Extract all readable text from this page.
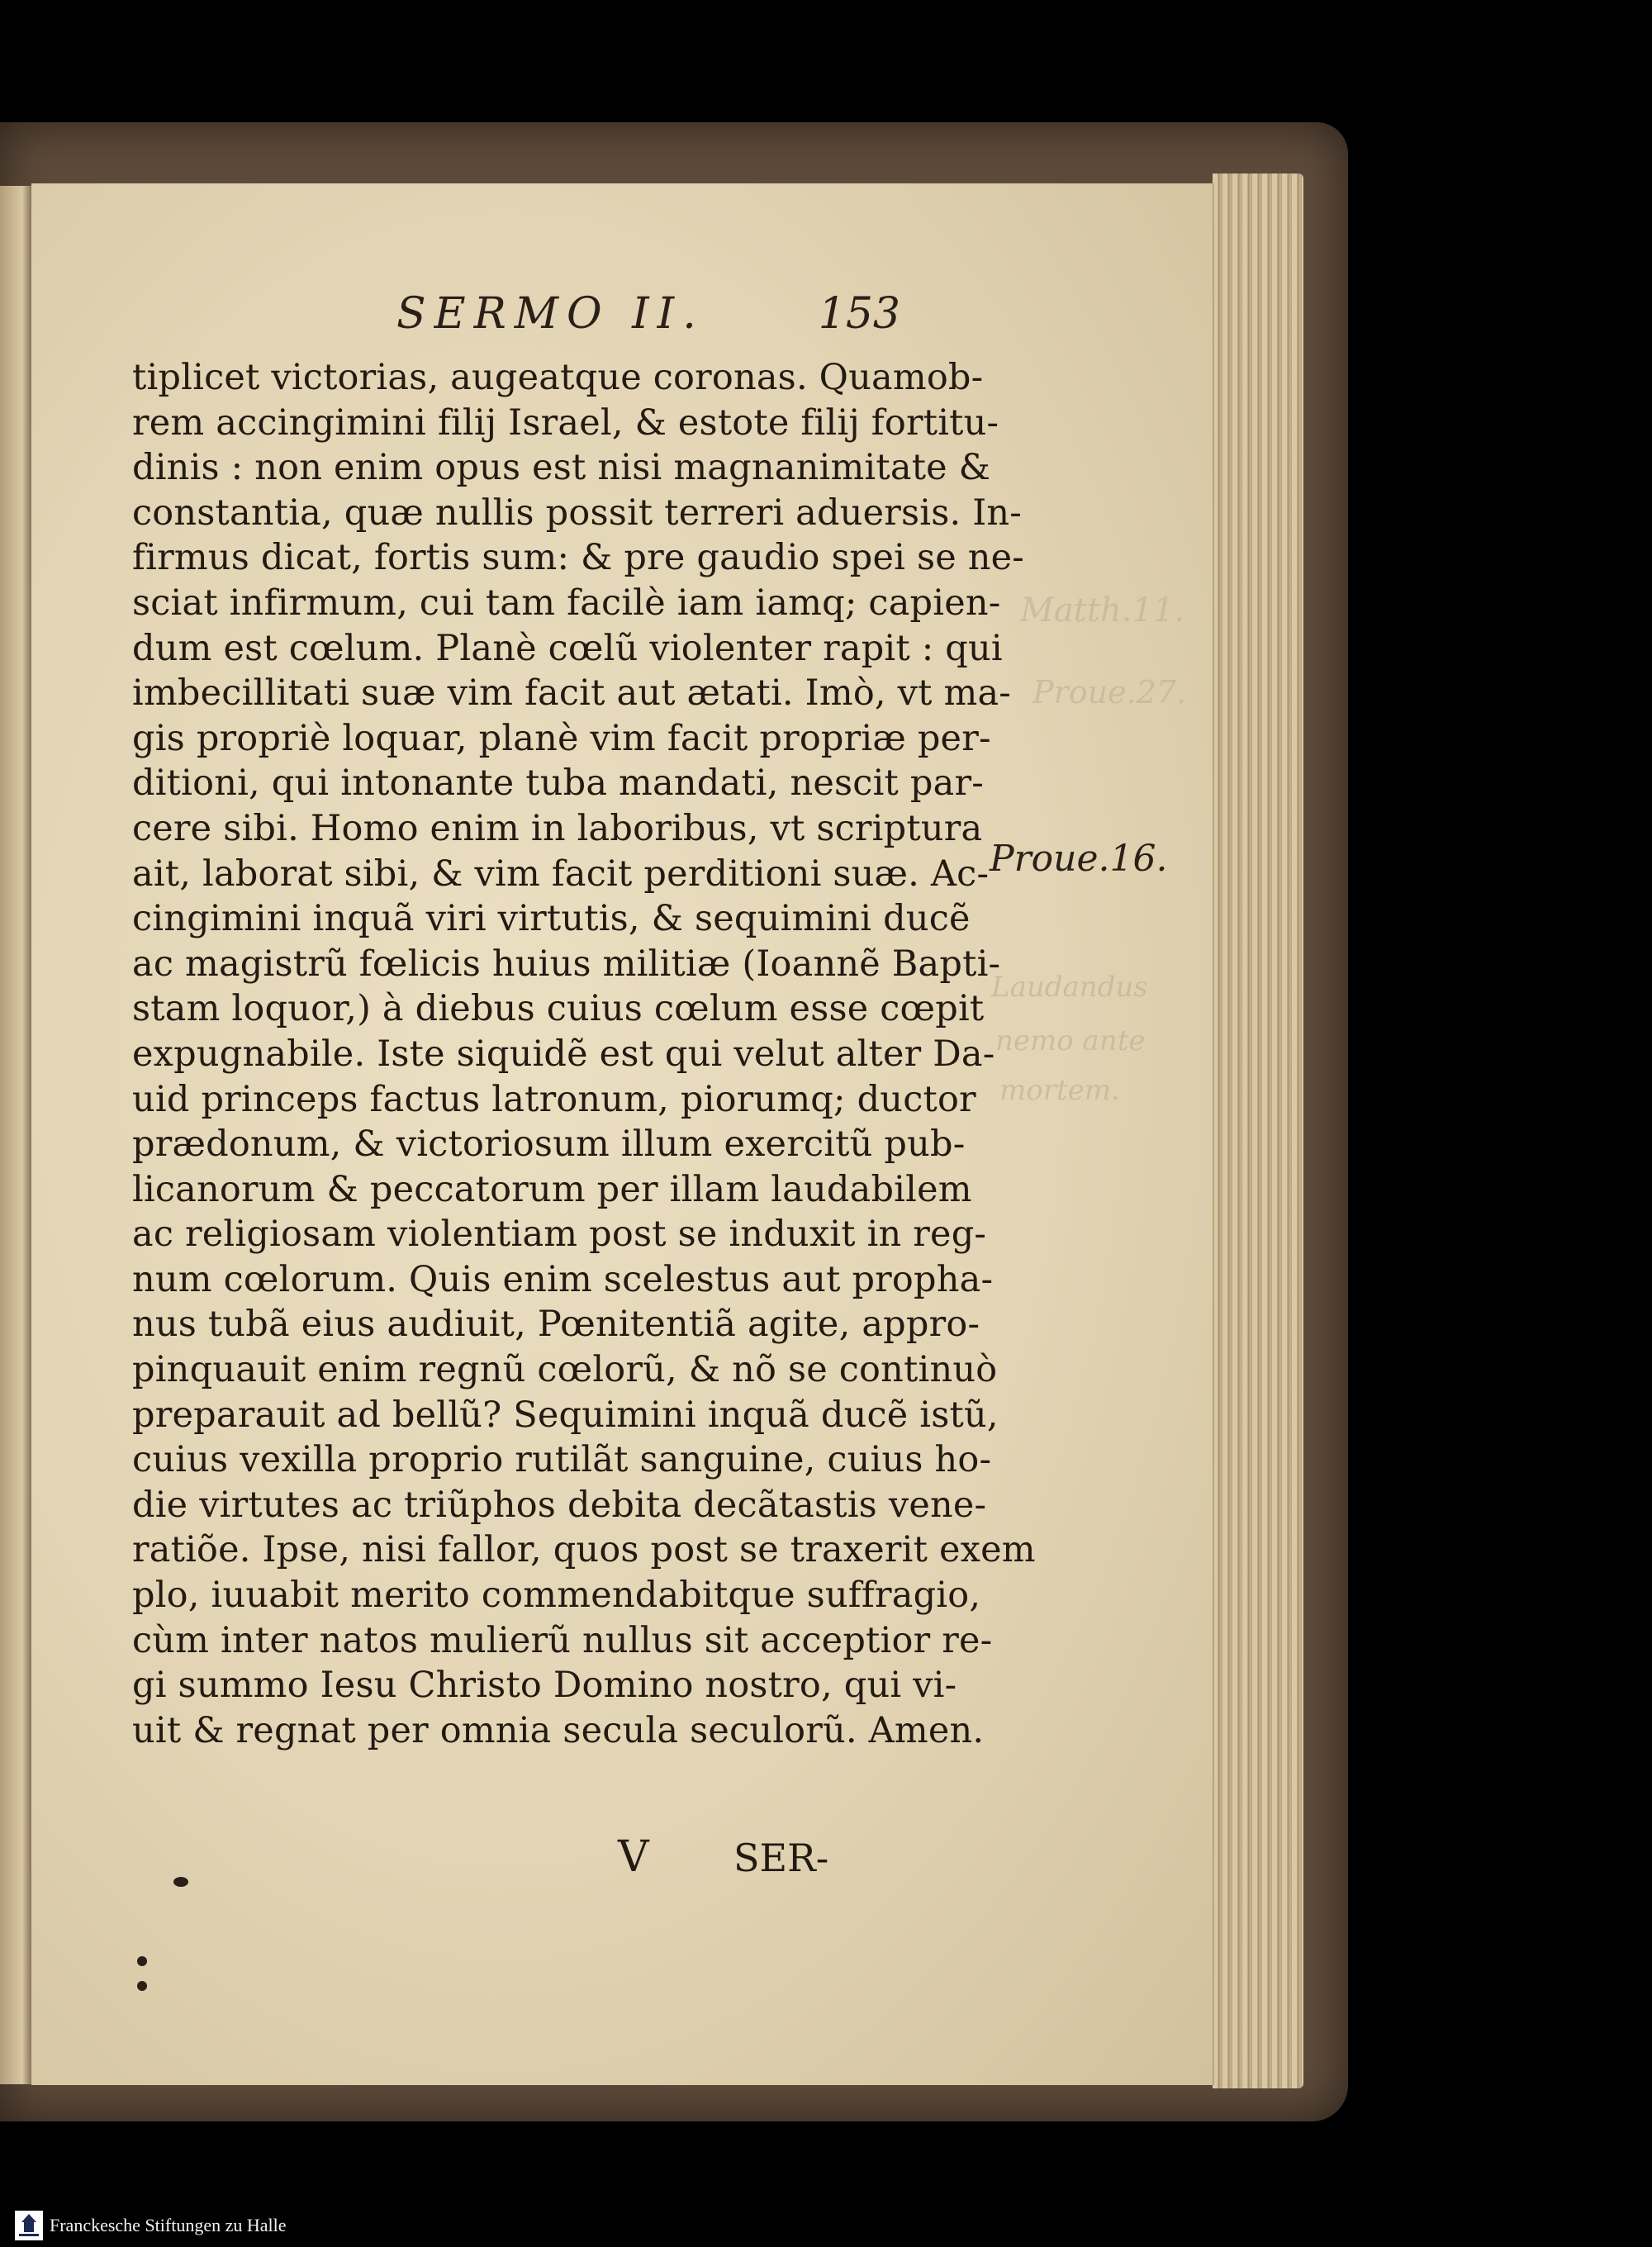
SERMO II.	153
tiplicet victorias, augeatque coronas. Quamob-
rem accingimini filij Israel, & estote filij fortitu-
dinis : non enim opus est nisi magnanimitate &
constantia, quæ nullis possit terreri aduersis. In-
firmus dicat, fortis sum: & pre gaudio spei se ne-
sciat infirmum, cui tam facilè iam iamq; capien-
dum est cœlum. Planè cœlũ violenter rapit : qui
imbecillitati suæ vim facit aut ætati. Imò, vt ma-
gis propriè loquar, planè vim facit propriæ per-
ditioni, qui intonante tuba mandati, nescit par-
cere sibi. Homo enim in laboribus, vt scriptura
ait, laborat sibi, & vim facit perditioni suæ. Ac-
cingimini inquã viri virtutis, & sequimini ducẽ
ac magistrũ fœlicis huius militiæ (Ioannẽ Bapti-
stam loquor,) à diebus cuius cœlum esse cœpit
expugnabile. Iste siquidẽ est qui velut alter Da-
uid princeps factus latronum, piorumq; ductor
prædonum, & victoriosum illum exercitũ pub-
licanorum & peccatorum per illam laudabilem
ac religiosam violentiam post se induxit in reg-
num cœlorum. Quis enim scelestus aut propha-
nus tubã eius audiuit, Pœnitentiã agite, appro-
pinquauit enim regnũ cœlorũ, & nõ se continuò
preparauit ad bellũ? Sequimini inquã ducẽ istũ,
cuius vexilla proprio rutilãt sanguine, cuius ho-
die virtutes ac triũphos debita decãtastis vene-
ratiõe. Ipse, nisi fallor, quos post se traxerit exem
plo, iuuabit merito commendabitque suffragio,
cùm inter natos mulierũ nullus sit acceptior re-
gi summo Iesu Christo Domino nostro, qui vi-
uit & regnat per omnia secula seculorũ. Amen.
Proue.16.
Matth.11.
Proue.27.
Laudandus
nemo ante
mortem.
V SER-
Franckesche Stiftungen zu Halle
